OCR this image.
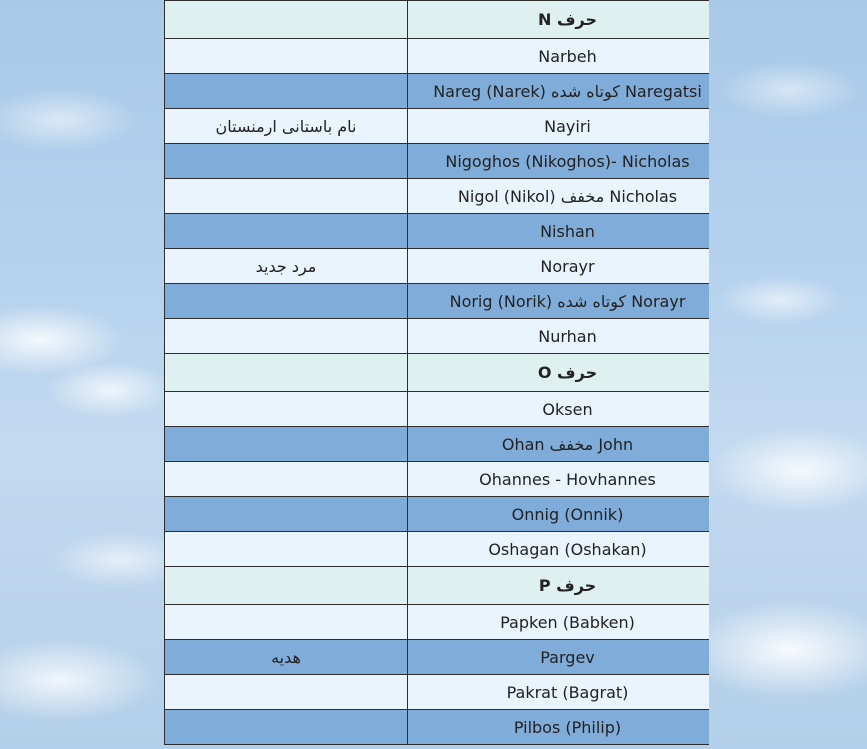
	حرف N
	Narbeh
	Naregatsi کوتاه شده Nareg (Narek)
نام باستانی ارمنستان	Nayiri
	Nigoghos (Nikoghos)- Nicholas
	Nicholas مخفف Nigol (Nikol)
	Nishan
مرد جدید	Norayr
	Norayr کوتاه شده Norig (Norik)
	Nurhan
	حرف O
	Oksen
	John مخفف Ohan
	Ohannes - Hovhannes
	Onnig (Onnik)
	Oshagan (Oshakan)
	حرف P
	Papken (Babken)
هدیه	Pargev
	Pakrat (Bagrat)
	Pilbos (Philip)
